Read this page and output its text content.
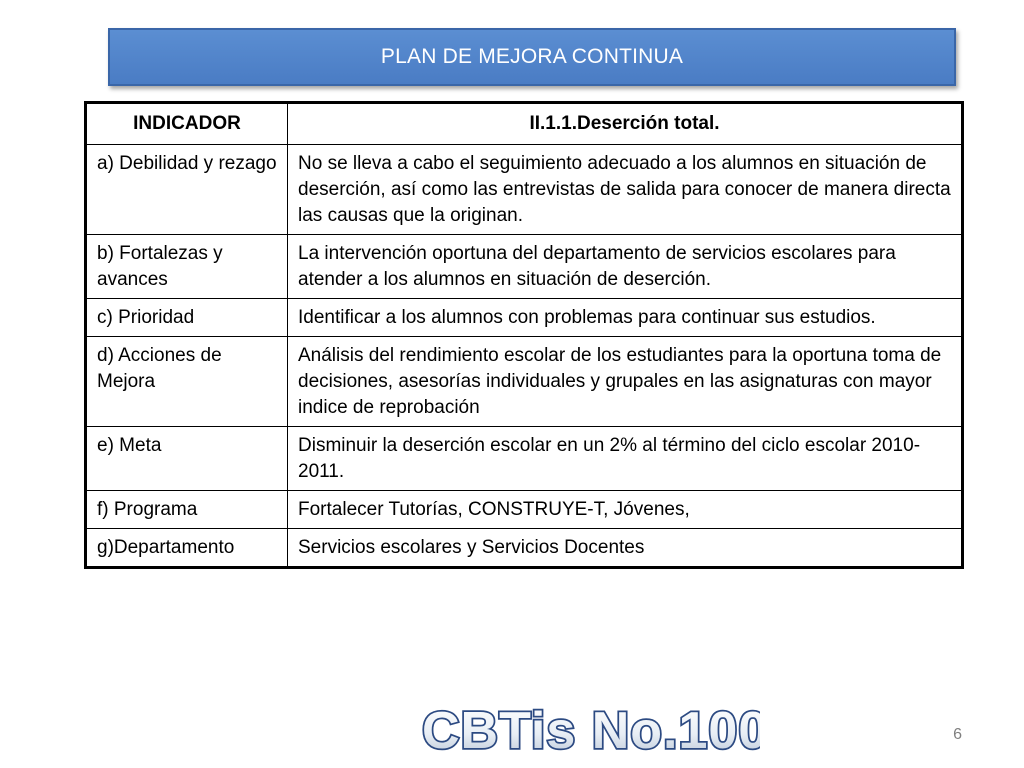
PLAN DE MEJORA CONTINUA
INDICADOR	II.1.1.Deserción total.
a) Debilidad y rezago	No se lleva a cabo el seguimiento adecuado a los alumnos en situación de deserción, así como las entrevistas de salida para conocer de manera directa las causas que la originan.
b) Fortalezas y avances	La intervención oportuna del departamento de servicios escolares para atender a los alumnos en situación de deserción.
c) Prioridad	Identificar a los alumnos con problemas para continuar sus estudios.
d) Acciones de Mejora	Análisis del rendimiento escolar de los estudiantes para la oportuna toma de decisiones, asesorías individuales y grupales en las asignaturas con mayor indice de reprobación
e) Meta	Disminuir la deserción escolar en un 2% al término del ciclo escolar 2010-2011.
f) Programa	Fortalecer Tutorías, CONSTRUYE-T, Jóvenes,
g)Departamento	Servicios escolares y Servicios Docentes
CBTis No.100	6
